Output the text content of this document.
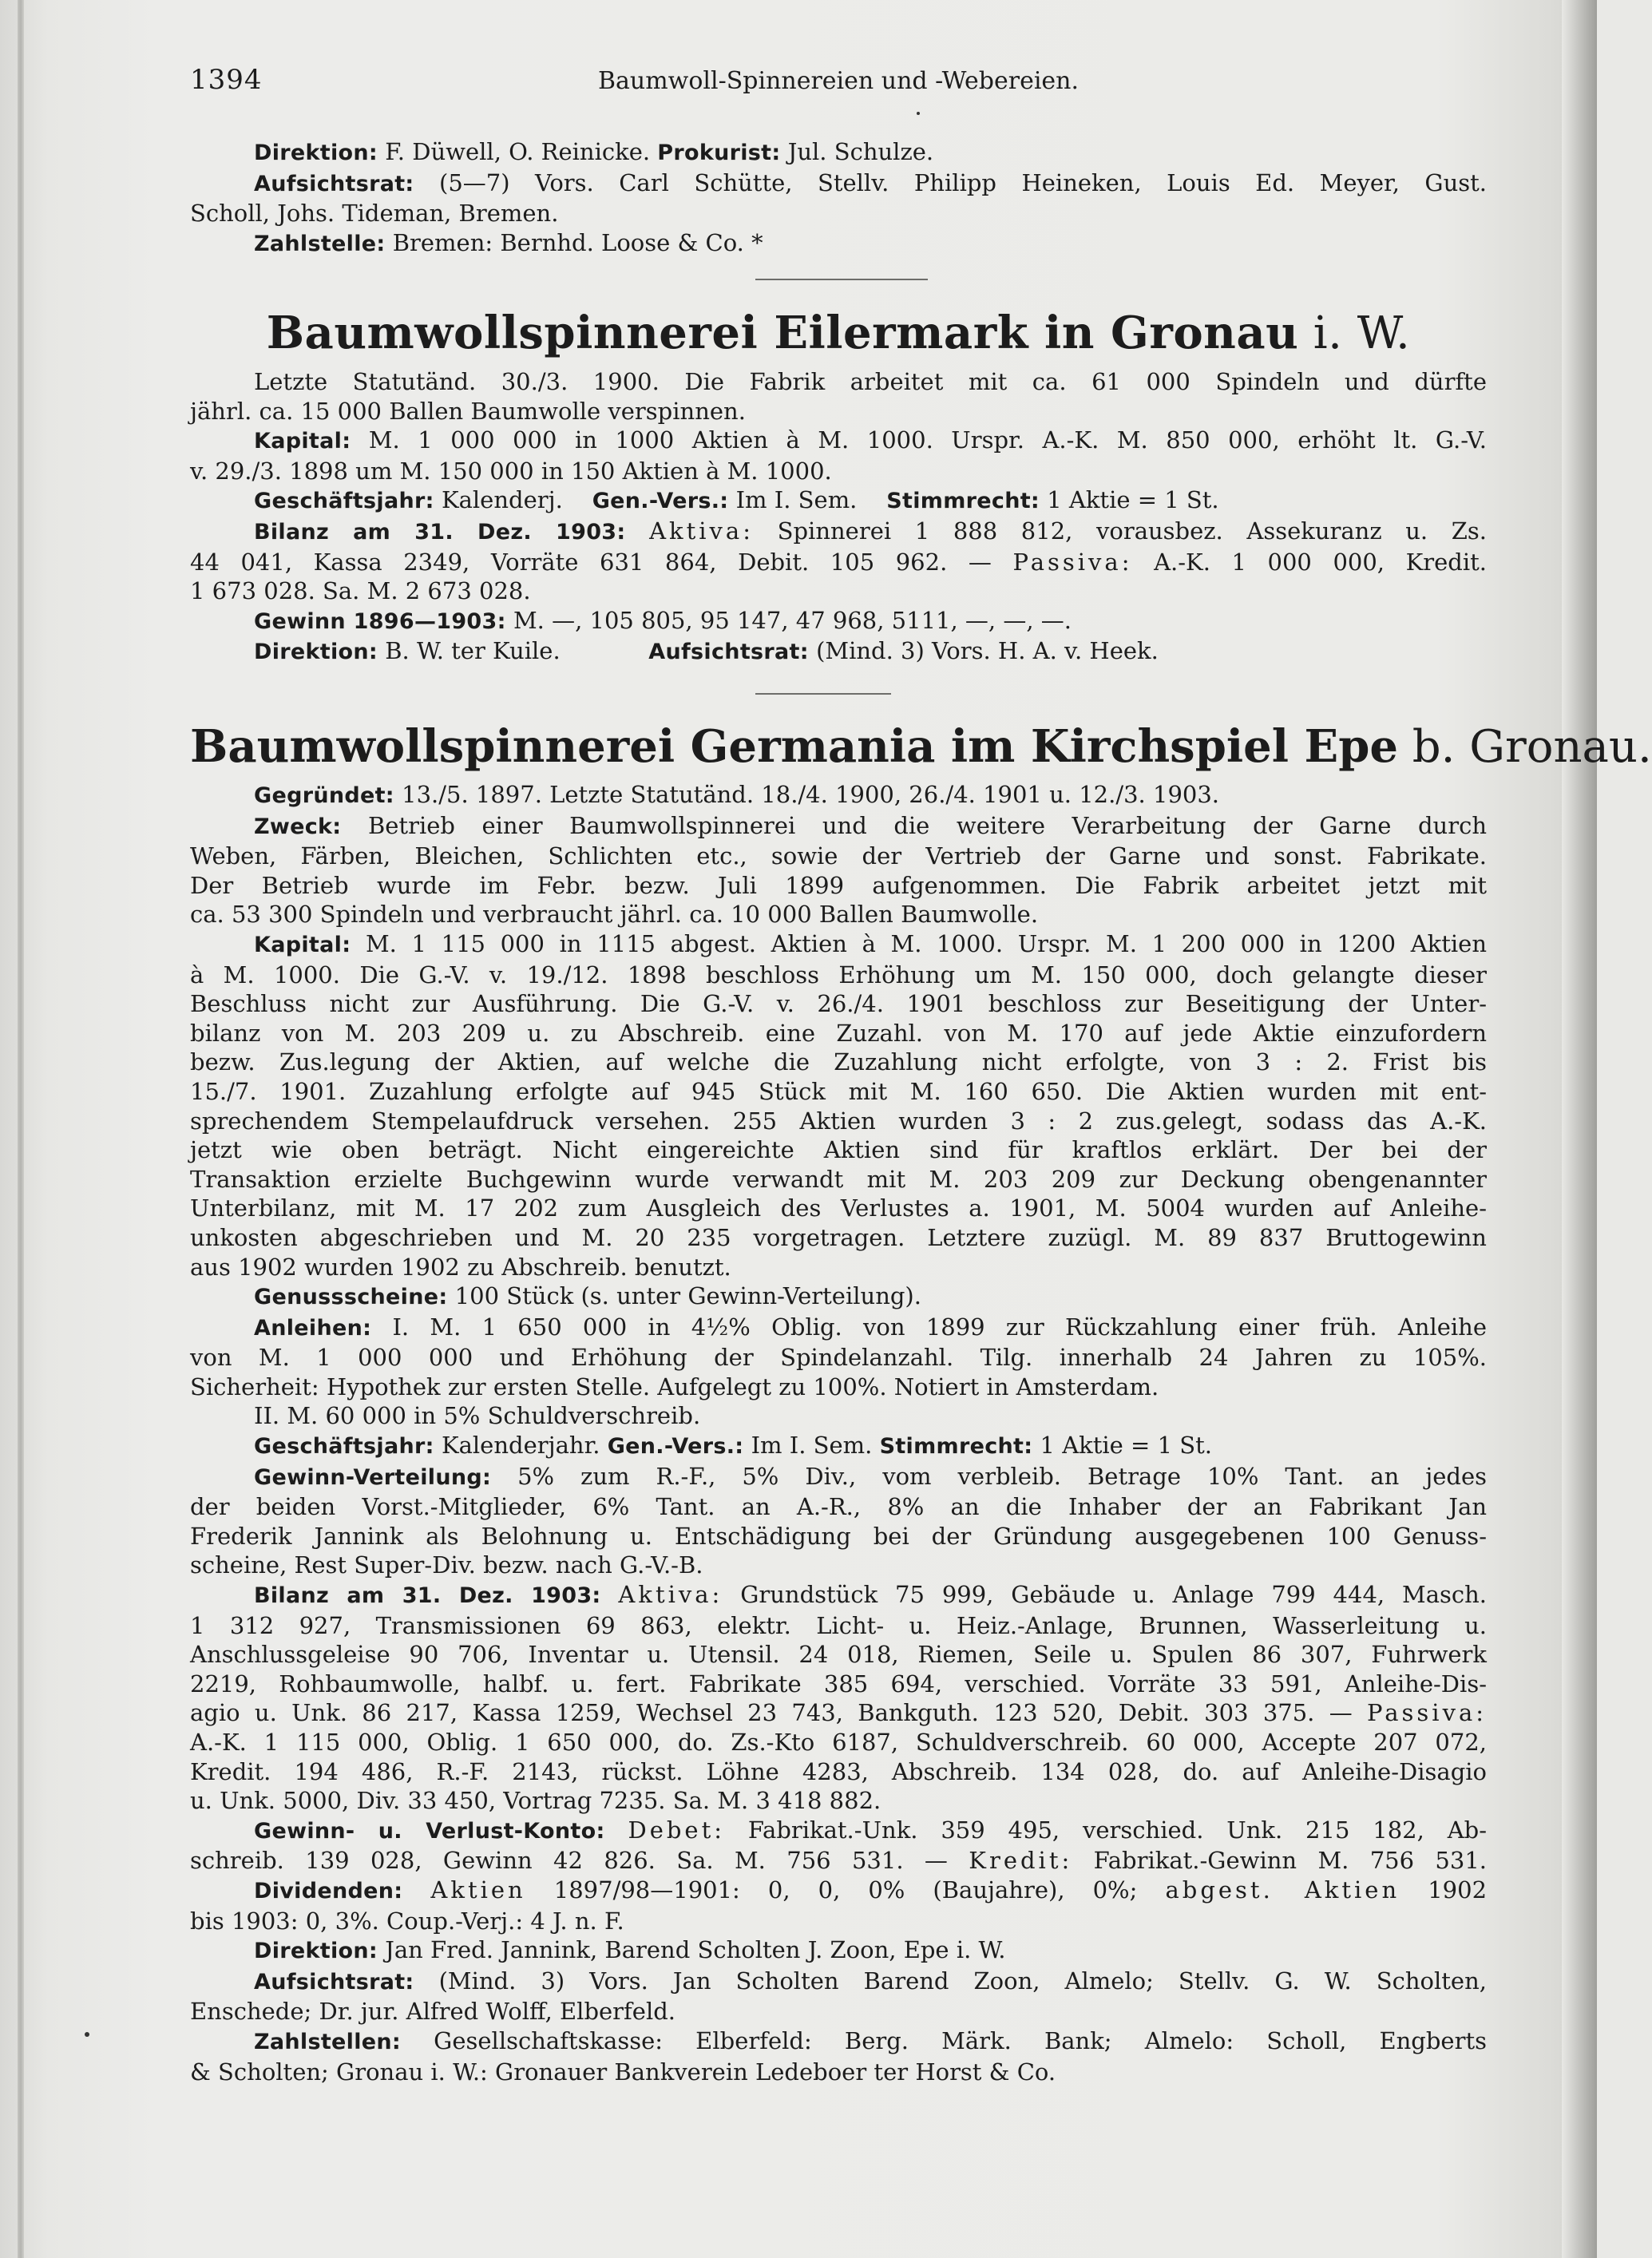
1394	Baumwoll-Spinnereien und -Webereien.
Direktion: F. Düwell, O. Reinicke. Prokurist: Jul. Schulze.
Aufsichtsrat: (5—7) Vors. Carl Schütte, Stellv. Philipp Heineken, Louis Ed. Meyer, Gust.
Scholl, Johs. Tideman, Bremen.
Zahlstelle: Bremen: Bernhd. Loose & Co. *
Baumwollspinnerei Eilermark in Gronau i. W.
Letzte Statutänd. 30./3. 1900. Die Fabrik arbeitet mit ca. 61 000 Spindeln und dürfte
jährl. ca. 15 000 Ballen Baumwolle verspinnen.
Kapital: M. 1 000 000 in 1000 Aktien à M. 1000. Urspr. A.-K. M. 850 000, erhöht lt. G.-V.
v. 29./3. 1898 um M. 150 000 in 150 Aktien à M. 1000.
Geschäftsjahr: Kalenderj. Gen.-Vers.: Im I. Sem. Stimmrecht: 1 Aktie = 1 St.
Bilanz am 31. Dez. 1903: Aktiva: Spinnerei 1 888 812, vorausbez. Assekuranz u. Zs.
44 041, Kassa 2349, Vorräte 631 864, Debit. 105 962. — Passiva: A.-K. 1 000 000, Kredit.
1 673 028. Sa. M. 2 673 028.
Gewinn 1896—1903: M. —, 105 805, 95 147, 47 968, 5111, —, —, —.
Direktion: B. W. ter Kuile.	Aufsichtsrat: (Mind. 3) Vors. H. A. v. Heek.
Baumwollspinnerei Germania im Kirchspiel Epe b. Gronau.
Gegründet: 13./5. 1897. Letzte Statutänd. 18./4. 1900, 26./4. 1901 u. 12./3. 1903.
Zweck: Betrieb einer Baumwollspinnerei und die weitere Verarbeitung der Garne durch
Weben, Färben, Bleichen, Schlichten etc., sowie der Vertrieb der Garne und sonst. Fabrikate.
Der Betrieb wurde im Febr. bezw. Juli 1899 aufgenommen. Die Fabrik arbeitet jetzt mit
ca. 53 300 Spindeln und verbraucht jährl. ca. 10 000 Ballen Baumwolle.
Kapital: M. 1 115 000 in 1115 abgest. Aktien à M. 1000. Urspr. M. 1 200 000 in 1200 Aktien
à M. 1000. Die G.-V. v. 19./12. 1898 beschloss Erhöhung um M. 150 000, doch gelangte dieser
Beschluss nicht zur Ausführung. Die G.-V. v. 26./4. 1901 beschloss zur Beseitigung der Unter-
bilanz von M. 203 209 u. zu Abschreib. eine Zuzahl. von M. 170 auf jede Aktie einzufordern
bezw. Zus.legung der Aktien, auf welche die Zuzahlung nicht erfolgte, von 3 : 2. Frist bis
15./7. 1901. Zuzahlung erfolgte auf 945 Stück mit M. 160 650. Die Aktien wurden mit ent-
sprechendem Stempelaufdruck versehen. 255 Aktien wurden 3 : 2 zus.gelegt, sodass das A.-K.
jetzt wie oben beträgt. Nicht eingereichte Aktien sind für kraftlos erklärt. Der bei der
Transaktion erzielte Buchgewinn wurde verwandt mit M. 203 209 zur Deckung obengenannter
Unterbilanz, mit M. 17 202 zum Ausgleich des Verlustes a. 1901, M. 5004 wurden auf Anleihe-
unkosten abgeschrieben und M. 20 235 vorgetragen. Letztere zuzügl. M. 89 837 Bruttogewinn
aus 1902 wurden 1902 zu Abschreib. benutzt.
Genussscheine: 100 Stück (s. unter Gewinn-Verteilung).
Anleihen: I. M. 1 650 000 in 4½% Oblig. von 1899 zur Rückzahlung einer früh. Anleihe
von M. 1 000 000 und Erhöhung der Spindelanzahl. Tilg. innerhalb 24 Jahren zu 105%.
Sicherheit: Hypothek zur ersten Stelle. Aufgelegt zu 100%. Notiert in Amsterdam.
II. M. 60 000 in 5% Schuldverschreib.
Geschäftsjahr: Kalenderjahr. Gen.-Vers.: Im I. Sem. Stimmrecht: 1 Aktie = 1 St.
Gewinn-Verteilung: 5% zum R.-F., 5% Div., vom verbleib. Betrage 10% Tant. an jedes
der beiden Vorst.-Mitglieder, 6% Tant. an A.-R., 8% an die Inhaber der an Fabrikant Jan
Frederik Jannink als Belohnung u. Entschädigung bei der Gründung ausgegebenen 100 Genuss-
scheine, Rest Super-Div. bezw. nach G.-V.-B.
Bilanz am 31. Dez. 1903: Aktiva: Grundstück 75 999, Gebäude u. Anlage 799 444, Masch.
1 312 927, Transmissionen 69 863, elektr. Licht- u. Heiz.-Anlage, Brunnen, Wasserleitung u.
Anschlussgeleise 90 706, Inventar u. Utensil. 24 018, Riemen, Seile u. Spulen 86 307, Fuhrwerk
2219, Rohbaumwolle, halbf. u. fert. Fabrikate 385 694, verschied. Vorräte 33 591, Anleihe-Dis-
agio u. Unk. 86 217, Kassa 1259, Wechsel 23 743, Bankguth. 123 520, Debit. 303 375. — Passiva:
A.-K. 1 115 000, Oblig. 1 650 000, do. Zs.-Kto 6187, Schuldverschreib. 60 000, Accepte 207 072,
Kredit. 194 486, R.-F. 2143, rückst. Löhne 4283, Abschreib. 134 028, do. auf Anleihe-Disagio
u. Unk. 5000, Div. 33 450, Vortrag 7235. Sa. M. 3 418 882.
Gewinn- u. Verlust-Konto: Debet: Fabrikat.-Unk. 359 495, verschied. Unk. 215 182, Ab-
schreib. 139 028, Gewinn 42 826. Sa. M. 756 531. — Kredit: Fabrikat.-Gewinn M. 756 531.
Dividenden: Aktien 1897/98—1901: 0, 0, 0% (Baujahre), 0%; abgest. Aktien 1902
bis 1903: 0, 3%. Coup.-Verj.: 4 J. n. F.
Direktion: Jan Fred. Jannink, Barend Scholten J. Zoon, Epe i. W.
Aufsichtsrat: (Mind. 3) Vors. Jan Scholten Barend Zoon, Almelo; Stellv. G. W. Scholten,
Enschede; Dr. jur. Alfred Wolff, Elberfeld.
Zahlstellen: Gesellschaftskasse: Elberfeld: Berg. Märk. Bank; Almelo: Scholl, Engberts
& Scholten; Gronau i. W.: Gronauer Bankverein Ledeboer ter Horst & Co.
